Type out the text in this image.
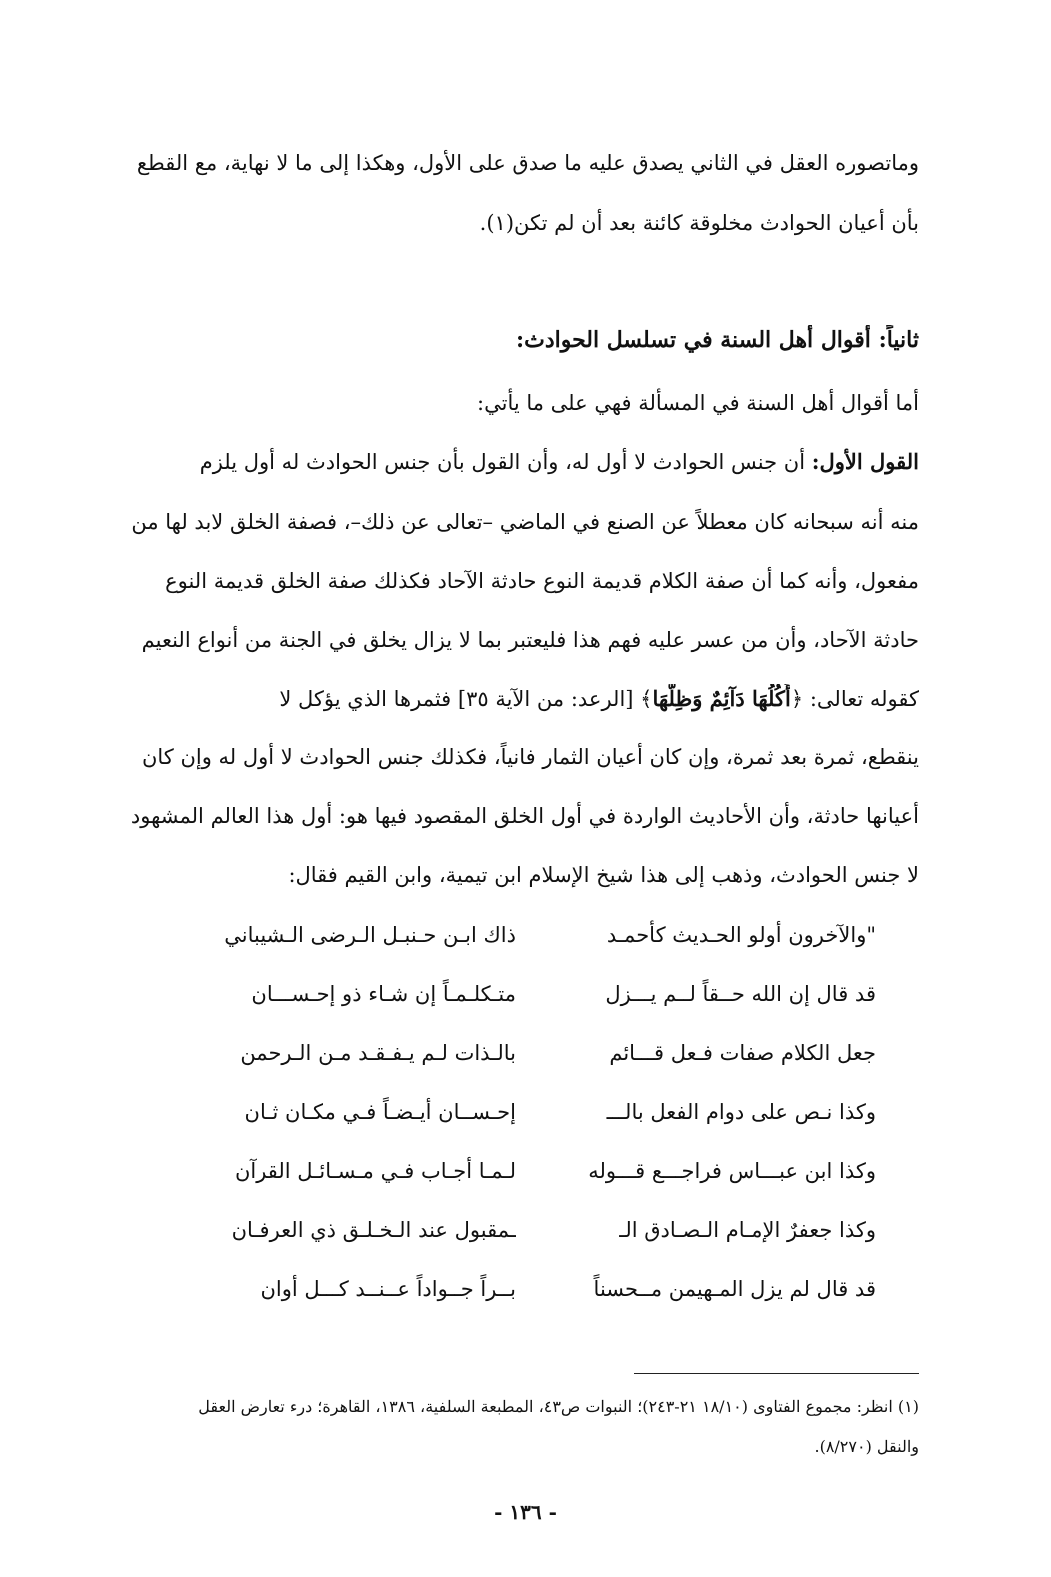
وماتصوره العقل في الثاني يصدق عليه ما صدق على الأول، وهكذا إلى ما لا نهاية، مع القطع
بأن أعيان الحوادث مخلوقة كائنة بعد أن لم تكن(١).
ثانياً: أقوال أهل السنة في تسلسل الحوادث:
أما أقوال أهل السنة في المسألة فهي على ما يأتي:
القول الأول: أن جنس الحوادث لا أول له، وأن القول بأن جنس الحوادث له أول يلزم
منه أنه سبحانه كان معطلاً عن الصنع في الماضي –تعالى عن ذلك–، فصفة الخلق لابد لها من
مفعول، وأنه كما أن صفة الكلام قديمة النوع حادثة الآحاد فكذلك صفة الخلق قديمة النوع
حادثة الآحاد، وأن من عسر عليه فهم هذا فليعتبر بما لا يزال يخلق في الجنة من أنواع النعيم
كقوله تعالى: ﴿أُكُلُهَا دَآئِمٌ وَظِلُّهَا﴾ [الرعد: من الآية ٣٥] فثمرها الذي يؤكل لا
ينقطع، ثمرة بعد ثمرة، وإن كان أعيان الثمار فانياً، فكذلك جنس الحوادث لا أول له وإن كان
أعيانها حادثة، وأن الأحاديث الواردة في أول الخلق المقصود فيها هو: أول هذا العالم المشهود
لا جنس الحوادث، وذهب إلى هذا شيخ الإسلام ابن تيمية، وابن القيم فقال:
"والآخرون أولو الحـديث كأحمـد
ذاك ابـن حـنبـل الـرضى الـشيباني
قد قال إن الله حــقاً لــم يـــزل
متـكلـمـاً إن شـاء ذو إحـســـان
جعل الكلام صفات فـعل قـــائم
بالـذات لـم يـفـقـد مـن الـرحمن
وكذا نـص على دوام الفعل بالـــ
إحـســان أيـضـاً فـي مكـان ثـان
وكذا ابن عبـــاس فراجـــع قـــوله
لـمـا أجـاب فـي مـسـائـل القرآن
وكذا جعفرٌ الإمـام الـصـادق الـ
ـمقبول عند الـخـلـق ذي العرفـان
قد قال لم يزل المـهيمن مــحسناً
بــراً جــواداً عــنــد كـــل أوان
(١) انظر: مجموع الفتاوى (١٨/١٠ ٢١-٢٤٣)؛ النبوات ص٤٣، المطبعة السلفية، ١٣٨٦، القاهرة؛ درء تعارض العقل
والنقل (٨/٢٧٠).
- ١٣٦ -
